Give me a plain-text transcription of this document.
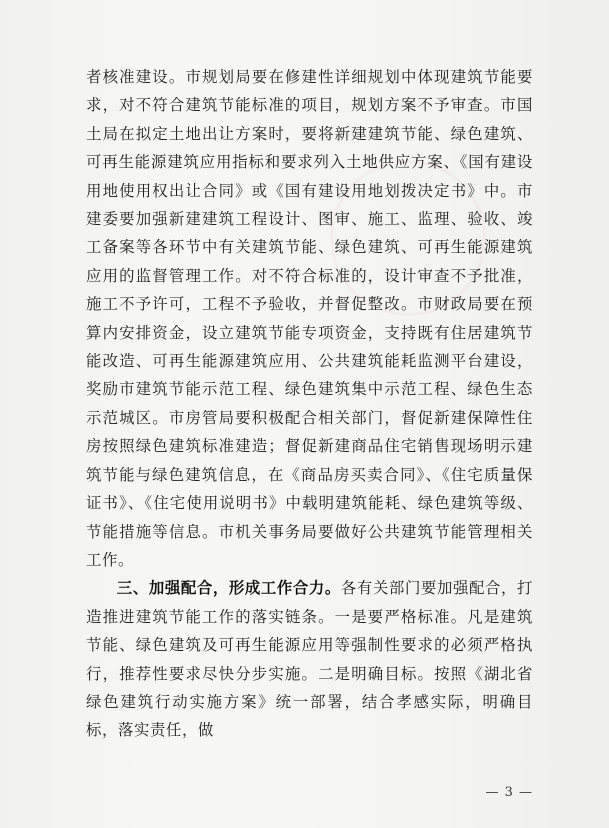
者核准建设。市规划局要在修建性详细规划中体现建筑节能要求，对不符合建筑节能标准的项目，规划方案不予审查。市国土局在拟定土地出让方案时，要将新建建筑节能、绿色建筑、可再生能源建筑应用指标和要求列入土地供应方案、《国有建设用地使用权出让合同》或《国有建设用地划拨决定书》中。市建委要加强新建建筑工程设计、图审、施工、监理、验收、竣工备案等各环节中有关建筑节能、绿色建筑、可再生能源建筑应用的监督管理工作。对不符合标准的，设计审查不予批准，施工不予许可，工程不予验收，并督促整改。市财政局要在预算内安排资金，设立建筑节能专项资金，支持既有住居建筑节能改造、可再生能源建筑应用、公共建筑能耗监测平台建设，奖励市建筑节能示范工程、绿色建筑集中示范工程、绿色生态示范城区。市房管局要积极配合相关部门，督促新建保障性住房按照绿色建筑标准建造；督促新建商品住宅销售现场明示建筑节能与绿色建筑信息，在《商品房买卖合同》、《住宅质量保证书》、《住宅使用说明书》中载明建筑能耗、绿色建筑等级、节能措施等信息。市机关事务局要做好公共建筑节能管理相关工作。

三、加强配合，形成工作合力。各有关部门要加强配合，打造推进建筑节能工作的落实链条。一是要严格标准。凡是建筑节能、绿色建筑及可再生能源应用等强制性要求的必须严格执行，推荐性要求尽快分步实施。二是明确目标。按照《湖北省绿色建筑行动实施方案》统一部署，结合孝感实际，明确目标，落实责任，做

— 3 —
